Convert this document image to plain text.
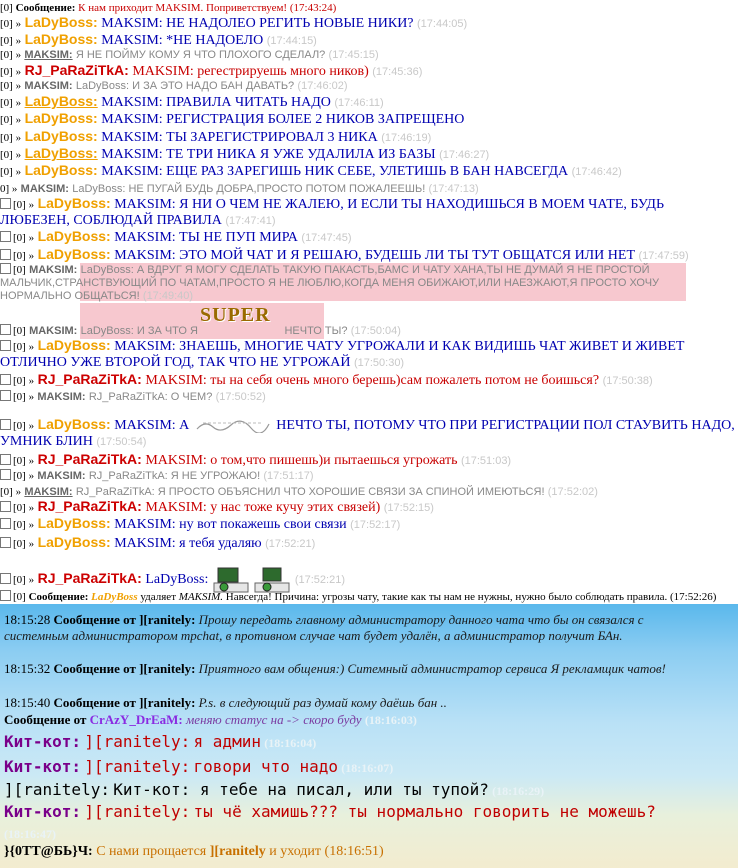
[0] Сообщение: К нам приходит MAKSIM. Поприветствуем! (17:43:24)
[0] » LaDyBoss: MAKSIM: НЕ НАДОЛЕО РЕГИТЬ НОВЫЕ НИКИ? (17:44:05)
[0] » LaDyBoss: MAKSIM: *НЕ НАДОЕЛО (17:44:15)
[0] » MAKSIM: Я НЕ ПОЙМУ КОМУ Я ЧТО ПЛОХОГО СДЕЛАЛ? (17:45:15)
[0] » RJ_PaRaZiTkA: MAKSIM: регестрируешь много ников) (17:45:36)
[0] » MAKSIM: LaDyBoss: И ЗА ЭТО НАДО БАН ДАВАТЬ? (17:46:02)
[0] » LaDyBoss: MAKSIM: ПРАВИЛА ЧИТАТЬ НАДО (17:46:11)
[0] » LaDyBoss: MAKSIM: РЕГИСТРАЦИЯ БОЛЕЕ 2 НИКОВ ЗАПРЕЩЕНО
[0] » LaDyBoss: MAKSIM: ТЫ ЗАРЕГИСТРИРОВАЛ 3 НИКА (17:46:19)
[0] » LaDyBoss: MAKSIM: ТЕ ТРИ НИКА Я УЖЕ УДАЛИЛА ИЗ БАЗЫ (17:46:27)
[0] » LaDyBoss: MAKSIM: ЕЩЕ РАЗ ЗАРЕГИШЬ НИК СЕБЕ, УЛЕТИШЬ В БАН НАВСЕГДА (17:46:42)
0] » MAKSIM: LaDyBoss: НЕ ПУГАЙ БУДЬ ДОБРА,ПРОСТО ПОТОМ ПОЖАЛЕЕШЬ! (17:47:13)
[0] » LaDyBoss: MAKSIM: Я НИ О ЧЕМ НЕ ЖАЛЕЮ, И ЕСЛИ ТЫ НАХОДИШЬСЯ В МОЕМ ЧАТЕ, БУДЬ ЛЮБЕЗЕН, СОБЛЮДАЙ ПРАВИЛА (17:47:41)
[0] » LaDyBoss: MAKSIM: ТЫ НЕ ПУП МИРА (17:47:45)
[0] » LaDyBoss: MAKSIM: ЭТО МОЙ ЧАТ И Я РЕШАЮ, БУДЕШЬ ЛИ ТЫ ТУТ ОБЩАТСЯ ИЛИ НЕТ (17:47:59)
[0] MAKSIM: LaDyBoss: А ВДРУГ Я МОГУ СДЕЛАТЬ ТАКУЮ ПАКАСТЬ,БАМС И ЧАТУ ХАНА,ТЫ НЕ ДУМАЙ Я НЕ ПРОСТОЙ МАЛЬЧИК,СТРАНСТВУЮЩИЙ ПО ЧАТАМ,ПРОСТО Я НЕ ЛЮБЛЮ,КОГДА МЕНЯ ОБИЖАЮТ,ИЛИ НАЕЗЖАЮТ,Я ПРОСТО ХОЧУ НОРМАЛЬНО ОБЩАТЬСЯ! (17:49:40)
SUPER
[0] MAKSIM: LaDyBoss: И ЗА ЧТО Я	НЕЧТО ТЫ? (17:50:04)
[0] » LaDyBoss: MAKSIM: ЗНАЕШЬ, МНОГИЕ ЧАТУ УГРОЖАЛИ И КАК ВИДИШЬ ЧАТ ЖИВЕТ И ЖИВЕТ ОТЛИЧНО УЖЕ ВТОРОЙ ГОД, ТАК ЧТО НЕ УГРОЖАЙ (17:50:30)
[0] » RJ_PaRaZiTkA: MAKSIM: ты на себя очень много берешь)сам пожалеть потом не боишься? (17:50:38)
[0] » MAKSIM: RJ_PaRaZiTkA: О ЧЕМ? (17:50:52)
[0] » LaDyBoss: MAKSIM: А	НЕЧТО ТЫ, ПОТОМУ ЧТО ПРИ РЕГИСТРАЦИИ ПОЛ СТАУВИТЬ НАДО, УМНИК БЛИН (17:50:54)
[0] » RJ_PaRaZiTkA: MAKSIM: о том,что пишешь)и пытаешься угрожать (17:51:03)
[0] » MAKSIM: RJ_PaRaZiTkA: Я НЕ УГРОЖАЮ! (17:51:17)
[0] » MAKSIM: RJ_PaRaZiTkA: Я ПРОСТО ОБЪЯСНИЛ ЧТО ХОРОШИЕ СВЯЗИ ЗА СПИНОЙ ИМЕЮТЬСЯ! (17:52:02)
[0] » RJ_PaRaZiTkA: MAKSIM: у нас тоже кучу этих связей) (17:52:15)
[0] » LaDyBoss: MAKSIM: ну вот покажешь свои связи (17:52:17)
[0] » LaDyBoss: MAKSIM: я тебя удаляю (17:52:21)
[0] » RJ_PaRaZiTkA: LaDyBoss:	(17:52:21)
[0] Сообщение: LaDyBoss удаляет MAKSIM. Навсегда! Причина: угрозы чату, такие как ты нам не нужны, нужно было соблюдать правила. (17:52:26)
18:15:28 Сообщение от ][ranitely: Прошу передать главному администратору данного чата что бы он связался с системным администратором трсhat, в противном случае чат будет удалён, а администратор получит БАн.
18:15:32 Сообщение от ][ranitely: Приятного вам общения:) Ситемный администратор сервиса Я рекламщик чатов!
18:15:40 Сообщение от ][ranitely: P.s. в следующий раз думай кому даёшь бан ..
Сообщение от CrAzY_DrEaM: меняю статус на -> скоро буду (18:16:03)
Кит-кот: ][ranitely: я админ (18:16:04)
Кит-кот: ][ranitely: говори что надо (18:16:07)
][ranitely: Кит-кот: я тебе на писал, или ты тупой? (18:16:29)
Кит-кот: ][ranitely: ты чё хамишь??? ты нормально говорить не можешь? (18:16:47)
}{0TT@БЬ}Ч: С нами прощается ][ranitely и уходит (18:16:51)
